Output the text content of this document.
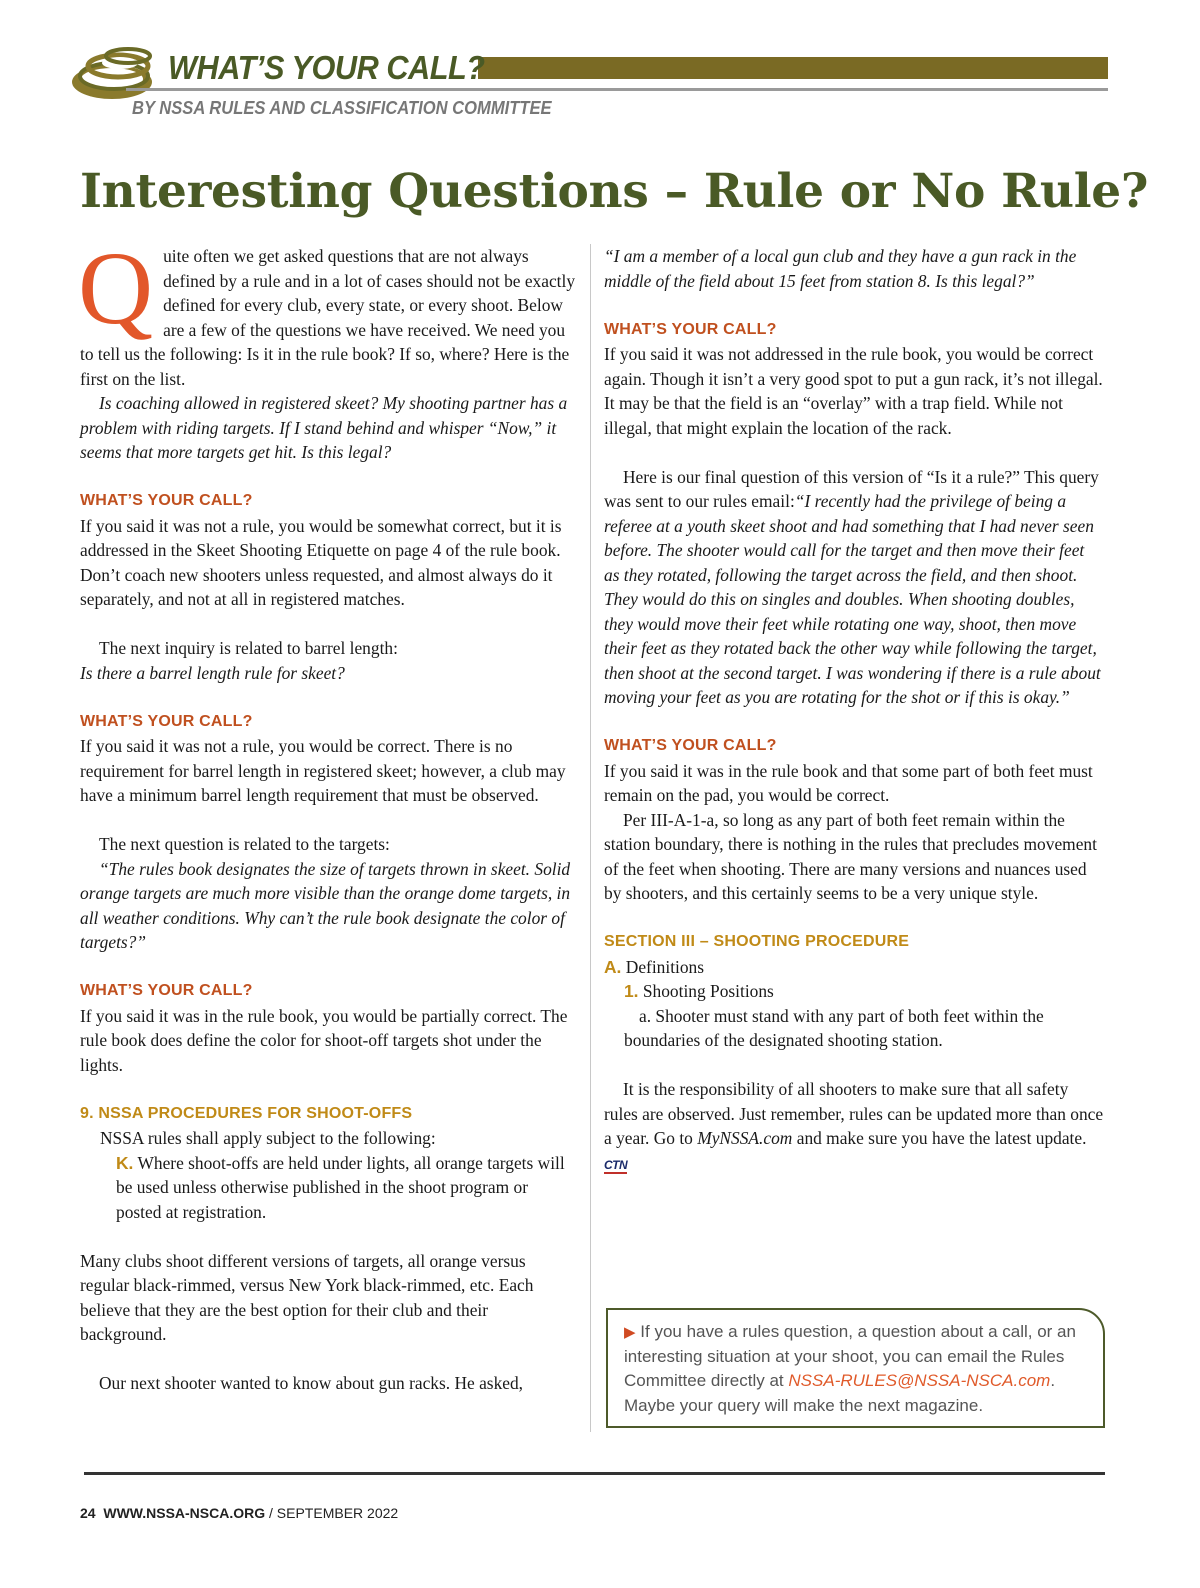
WHAT’S YOUR CALL?
BY NSSA RULES AND CLASSIFICATION COMMITTEE
Interesting Questions – Rule or No Rule?

Quite often we get asked questions that are not always defined by a rule and in a lot of cases should not be exactly defined for every club, every state, or every shoot. Below are a few of the questions we have received. We need you to tell us the following: Is it in the rule book? If so, where? Here is the first on the list.

Is coaching allowed in registered skeet? My shooting partner has a problem with riding targets. If I stand behind and whisper “Now,” it seems that more targets get hit. Is this legal?

WHAT’S YOUR CALL?

If you said it was not a rule, you would be somewhat correct, but it is addressed in the Skeet Shooting Etiquette on page 4 of the rule book. Don’t coach new shooters unless requested, and almost always do it separately, and not at all in registered matches.

The next inquiry is related to barrel length:

Is there a barrel length rule for skeet?

WHAT’S YOUR CALL?

If you said it was not a rule, you would be correct. There is no requirement for barrel length in registered skeet; however, a club may have a minimum barrel length requirement that must be observed.

The next question is related to the targets:

“The rules book designates the size of targets thrown in skeet. Solid orange targets are much more visible than the orange dome targets, in all weather conditions. Why can’t the rule book designate the color of targets?”

WHAT’S YOUR CALL?

If you said it was in the rule book, you would be partially correct. The rule book does define the color for shoot-off targets shot under the lights.

9. NSSA PROCEDURES FOR SHOOT-OFFS

NSSA rules shall apply subject to the following:

K. Where shoot-offs are held under lights, all orange targets will be used unless otherwise published in the shoot program or posted at registration.

Many clubs shoot different versions of targets, all orange versus regular black-rimmed, versus New York black-rimmed, etc. Each believe that they are the best option for their club and their background.

Our next shooter wanted to know about gun racks. He asked,

“I am a member of a local gun club and they have a gun rack in the middle of the field about 15 feet from station 8. Is this legal?”

WHAT’S YOUR CALL?

If you said it was not addressed in the rule book, you would be correct again. Though it isn’t a very good spot to put a gun rack, it’s not illegal. It may be that the field is an “overlay” with a trap field. While not illegal, that might explain the location of the rack.

Here is our final question of this version of “Is it a rule?” This query was sent to our rules email:“I recently had the privilege of being a referee at a youth skeet shoot and had something that I had never seen before. The shooter would call for the target and then move their feet as they rotated, following the target across the field, and then shoot. They would do this on singles and doubles. When shooting doubles, they would move their feet while rotating one way, shoot, then move their feet as they rotated back the other way while following the target, then shoot at the second target. I was wondering if there is a rule about moving your feet as you are rotating for the shot or if this is okay.”

WHAT’S YOUR CALL?

If you said it was in the rule book and that some part of both feet must remain on the pad, you would be correct.

Per III-A-1-a, so long as any part of both feet remain within the station boundary, there is nothing in the rules that precludes movement of the feet when shooting. There are many versions and nuances used by shooters, and this certainly seems to be a very unique style.

SECTION III – SHOOTING PROCEDURE

A. Definitions

1. Shooting Positions

a. Shooter must stand with any part of both feet within the boundaries of the designated shooting station.

It is the responsibility of all shooters to make sure that all safety rules are observed. Just remember, rules can be updated more than once a year. Go to MyNSSA.com and make sure you have the latest update. CTN

▶ If you have a rules question, a question about a call, or an interesting situation at your shoot, you can email the Rules Committee directly at NSSA-RULES@NSSA-NSCA.com. Maybe your query will make the next magazine.
24 WWW.NSSA-NSCA.ORG / SEPTEMBER 2022
